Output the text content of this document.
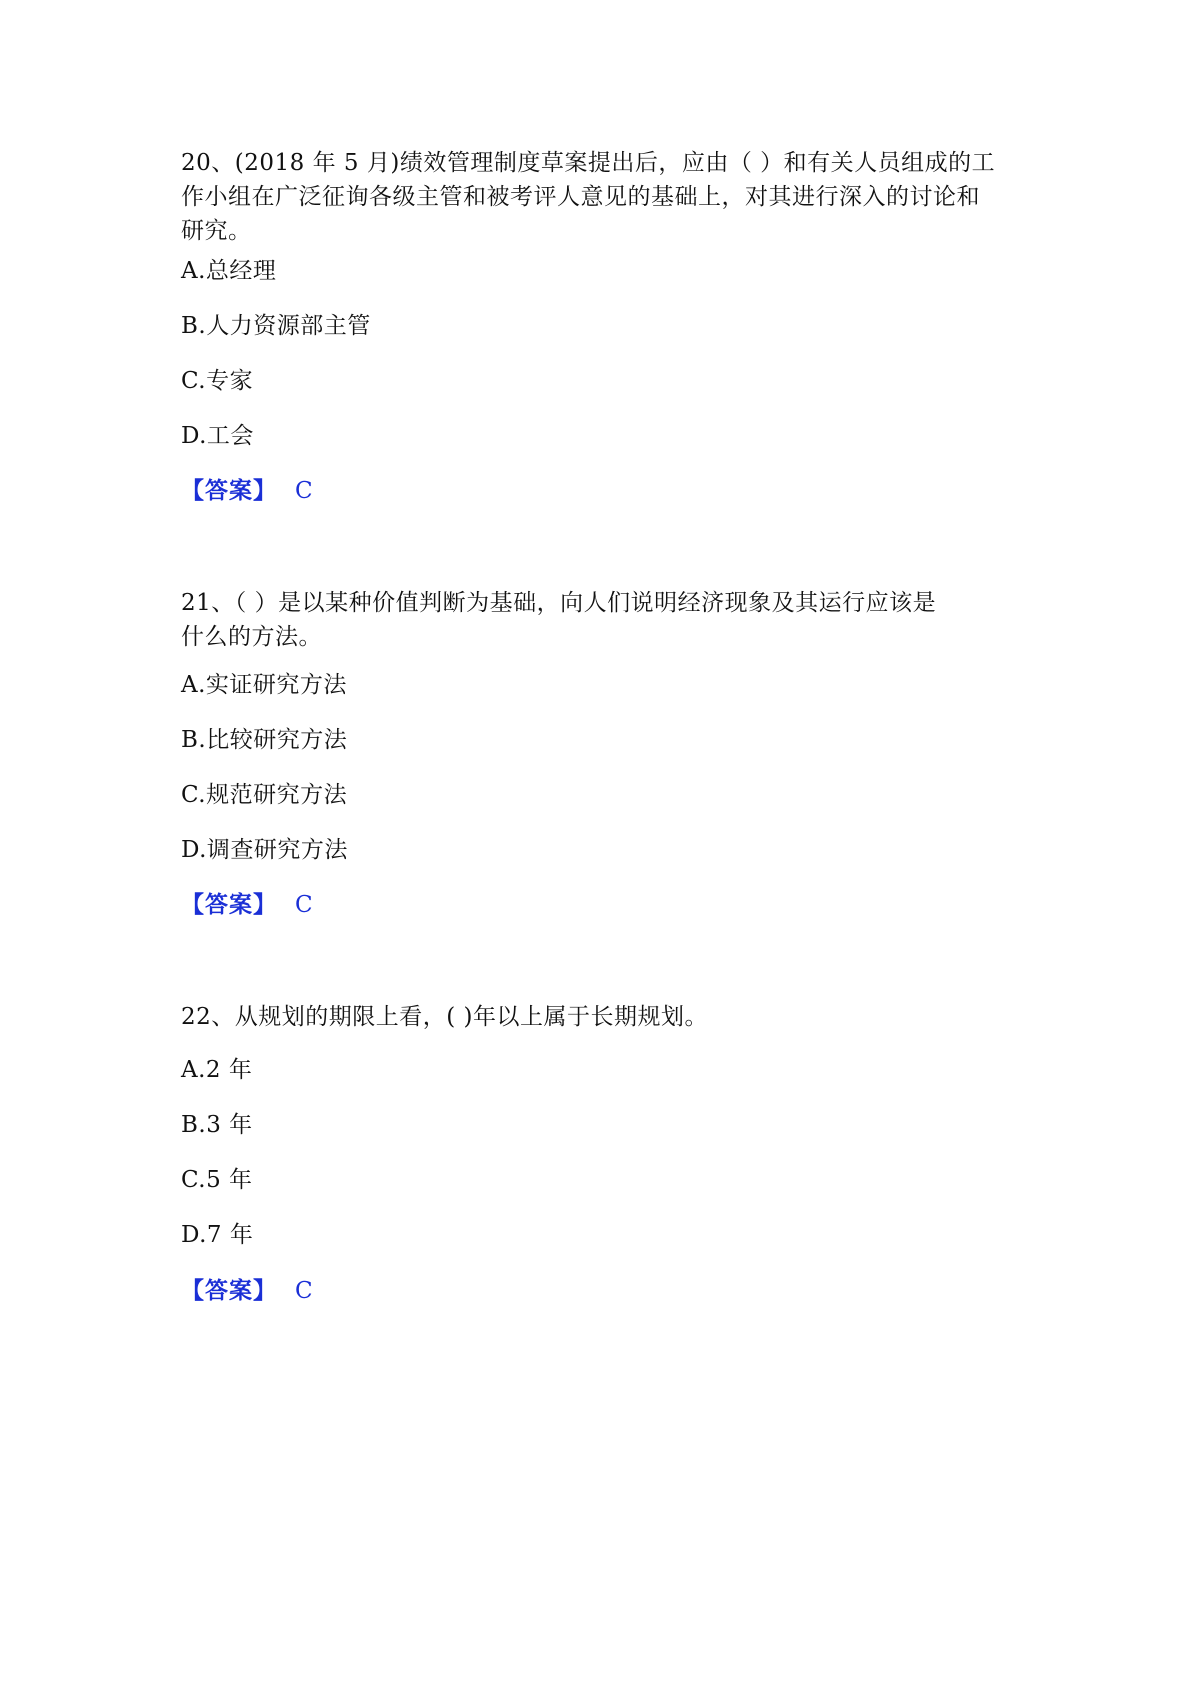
20、(2018 年 5 月)绩效管理制度草案提出后，应由（ ）和有关人员组成的工
作小组在广泛征询各级主管和被考评人意见的基础上，对其进行深入的讨论和
研究。
A.总经理
B.人力资源部主管
C.专家
D.工会
【答案】 C
21、（ ）是以某种价值判断为基础，向人们说明经济现象及其运行应该是
什么的方法。
A.实证研究方法
B.比较研究方法
C.规范研究方法
D.调查研究方法
【答案】 C
22、从规划的期限上看，( )年以上属于长期规划。
A.2 年
B.3 年
C.5 年
D.7 年
【答案】 C
